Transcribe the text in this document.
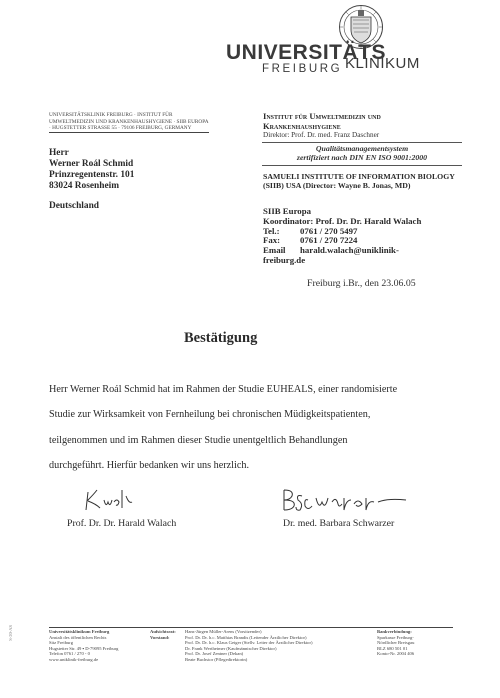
UNIVERSITÄTS
FREIBURG KLINIKUM
UNIVERSITÄTSKLINIK FREIBURG · INSTITUT FÜR UMWELTMEDIZIN UND KRANKENHAUSHYGIENE · SIIB EUROPA · HUGSTETTER STRASSE 55 · 79106 FREIBURG, GERMANY
Herr
Werner Roál Schmid
Prinzregentenstr. 101
83024 Rosenheim
Deutschland
Institut für Umweltmedizin und
Krankenhaushygiene
Direktor: Prof. Dr. med. Franz Daschner
Qualitätsmanagementsystem
zertifiziert nach DIN EN ISO 9001:2000
SAMUELI INSTITUTE OF INFORMATION BIOLOGY
(SIIB) USA (Director: Wayne B. Jonas, MD)
SIIB Europa
Koordinator: Prof. Dr. Dr. Harald Walach
Tel.:	0761 / 270 5497
Fax:	0761 / 270 7224
Email	harald.walach@uniklinik-
freiburg.de
Freiburg i.Br., den 23.06.05
Bestätigung
Herr Werner Roál Schmid hat im Rahmen der Studie EUHEALS, einer randomisierte
Studie zur Wirksamkeit von Fernheilung bei chronischen Müdigkeitspatienten,
teilgenommen und im Rahmen dieser Studie unentgeltlich Behandlungen
durchgeführt. Hierfür bedanken wir uns herzlich.
Prof. Dr. Dr. Harald Walach	Dr. med. Barbara Schwarzer
Universitätsklinikum Freiburg
Anstalt des öffentlichen Rechts
Sitz Freiburg
Hugstetter Str. 49 ▪ D-79095 Freiburg
Telefon 0761 / 270 - 0
www.uniklinik-freiburg.de
Aufsichtsrat:
Vorstand:
Hans-Jürgen Müller-Arens (Vorsitzender)
Prof. Dr. Dr. h.c. Matthias Brandis (Leitender Ärztlicher Direktor)
Prof. Dr. Dr. h.c. Klaus Geiger (Stellv. Leiter der Ärztlicher Direktor)
Dr. Frank Wertheimer (Kaufmännischer Direktor)
Prof. Dr. Josef Zentner (Dekan)
Beate Buchstor (Pflegedirektorin)
Bankverbindung:
Sparkasse Freiburg-
Nördlicher Breisgau
BLZ 680 501 01
Konto-Nr. 2004 406
S-20-AS
